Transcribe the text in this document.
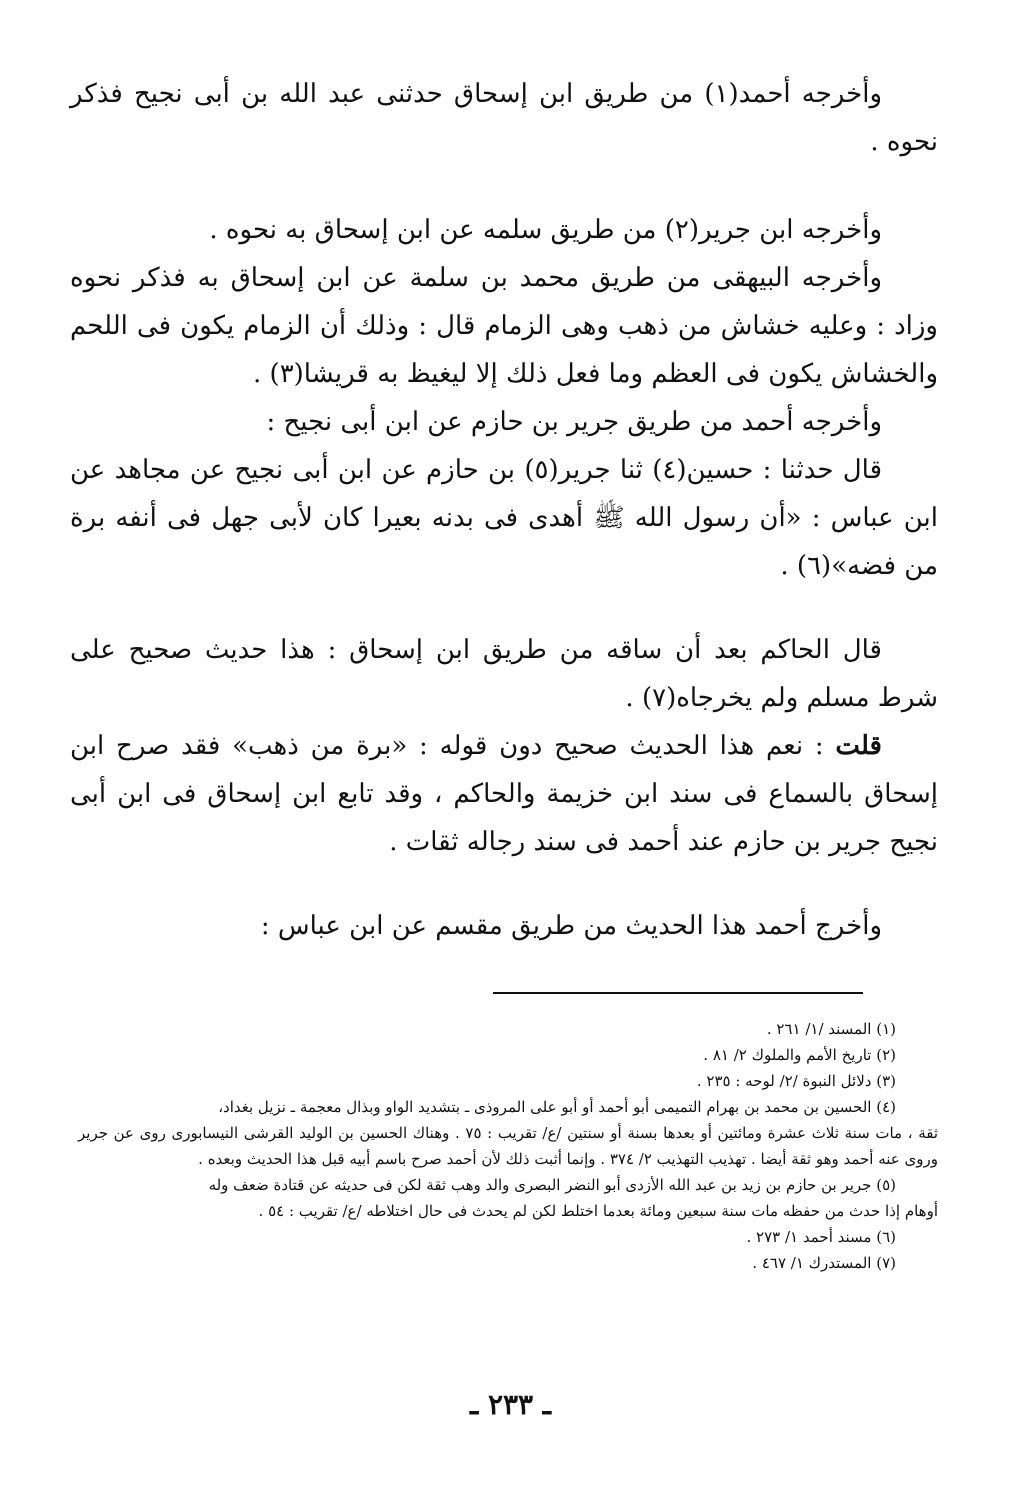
وأخرجه أحمد(١) من طريق ابن إسحاق حدثنى عبد الله بن أبى نجيح فذكر نحوه .

وأخرجه ابن جرير(٢) من طريق سلمه عن ابن إسحاق به نحوه .

وأخرجه البيهقى من طريق محمد بن سلمة عن ابن إسحاق به فذكر نحوه وزاد : وعليه خشاش من ذهب وهى الزمام قال : وذلك أن الزمام يكون فى اللحم والخشاش يكون فى العظم وما فعل ذلك إلا ليغيظ به قريشا(٣) .

وأخرجه أحمد من طريق جرير بن حازم عن ابن أبى نجيح :

قال حدثنا : حسين(٤) ثنا جرير(٥) بن حازم عن ابن أبى نجيح عن مجاهد عن ابن عباس : «أن رسول الله ﷺ أهدى فى بدنه بعيرا كان لأبى جهل فى أنفه برة من فضه»(٦) .

قال الحاكم بعد أن ساقه من طريق ابن إسحاق : هذا حديث صحيح على شرط مسلم ولم يخرجاه(٧) .

قلت : نعم هذا الحديث صحيح دون قوله : «برة من ذهب» فقد صرح ابن إسحاق بالسماع فى سند ابن خزيمة والحاكم ، وقد تابع ابن إسحاق فى ابن أبى نجيح جرير بن حازم عند أحمد فى سند رجاله ثقات .

وأخرج أحمد هذا الحديث من طريق مقسم عن ابن عباس :

(١) المسند /١/ ٢٦١ .

(٢) تاريخ الأمم والملوك ٢/ ٨١ .

(٣) دلائل النبوة /٢/ لوحه : ٢٣٥ .

(٤) الحسين بن محمد بن بهرام التميمى أبو أحمد أو أبو على المروذى ـ بتشديد الواو وبذال معجمة ـ نزيل بغداد،

ثقة ، مات سنة ثلاث عشرة ومائتين أو بعدها بسنة أو سنتين /ع/ تقريب : ٧٥ . وهناك الحسين بن الوليد القرشى النيسابورى روى عن جرير وروى عنه أحمد وهو ثقة أيضا . تهذيب التهذيب ٢/ ٣٧٤ . وإنما أثبت ذلك لأن أحمد صرح باسم أبيه قبل هذا الحديث وبعده .

(٥) جرير بن حازم بن زيد بن عبد الله الأزدى أبو النضر البصرى والد وهب ثقة لكن فى حديثه عن قتادة ضعف وله

أوهام إذا حدث من حفظه مات سنة سبعين ومائة بعدما اختلط لكن لم يحدث فى حال اختلاطه /ع/ تقريب : ٥٤ .

(٦) مسند أحمد ١/ ٢٧٣ .

(٧) المستدرك ١/ ٤٦٧ .

ـ ٢٣٣ ـ
